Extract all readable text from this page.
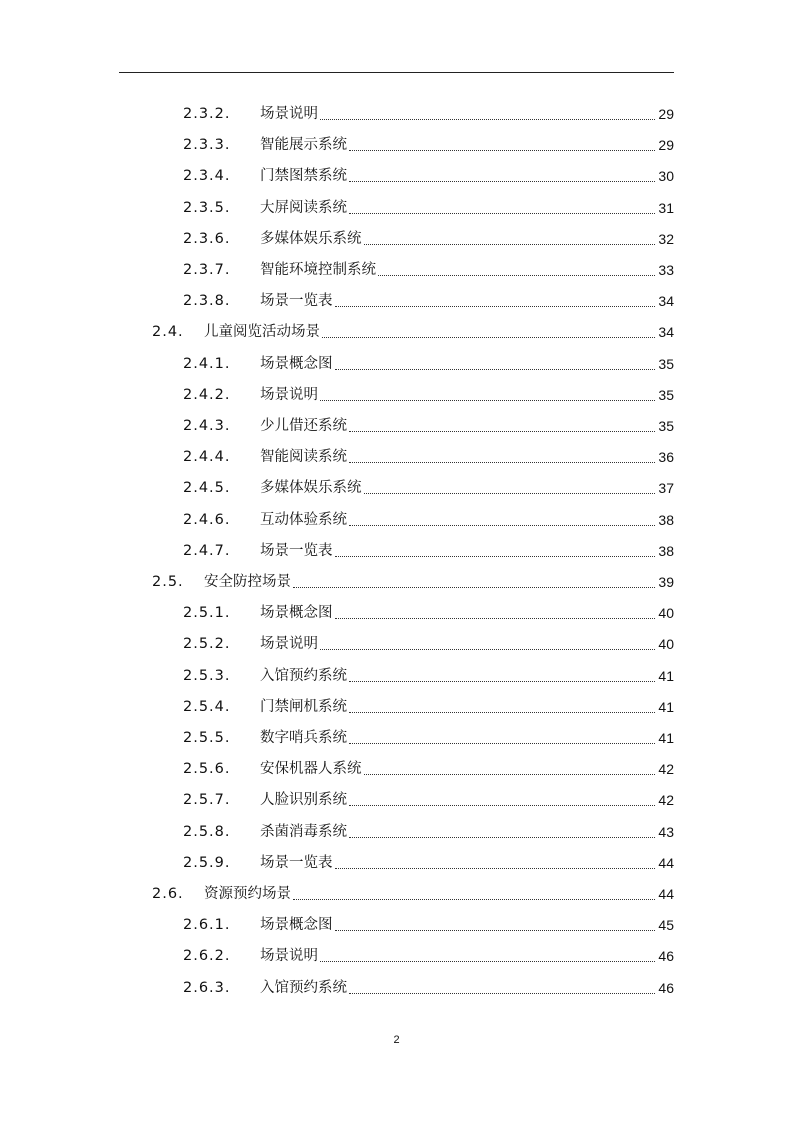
2.3.2.	场景说明	29
2.3.3.	智能展示系统	29
2.3.4.	门禁图禁系统	30
2.3.5.	大屏阅读系统	31
2.3.6.	多媒体娱乐系统	32
2.3.7.	智能环境控制系统	33
2.3.8.	场景一览表	34
2.4.	儿童阅览活动场景	34
2.4.1.	场景概念图	35
2.4.2.	场景说明	35
2.4.3.	少儿借还系统	35
2.4.4.	智能阅读系统	36
2.4.5.	多媒体娱乐系统	37
2.4.6.	互动体验系统	38
2.4.7.	场景一览表	38
2.5.	安全防控场景	39
2.5.1.	场景概念图	40
2.5.2.	场景说明	40
2.5.3.	入馆预约系统	41
2.5.4.	门禁闸机系统	41
2.5.5.	数字哨兵系统	41
2.5.6.	安保机器人系统	42
2.5.7.	人脸识别系统	42
2.5.8.	杀菌消毒系统	43
2.5.9.	场景一览表	44
2.6.	资源预约场景	44
2.6.1.	场景概念图	45
2.6.2.	场景说明	46
2.6.3.	入馆预约系统	46
2
